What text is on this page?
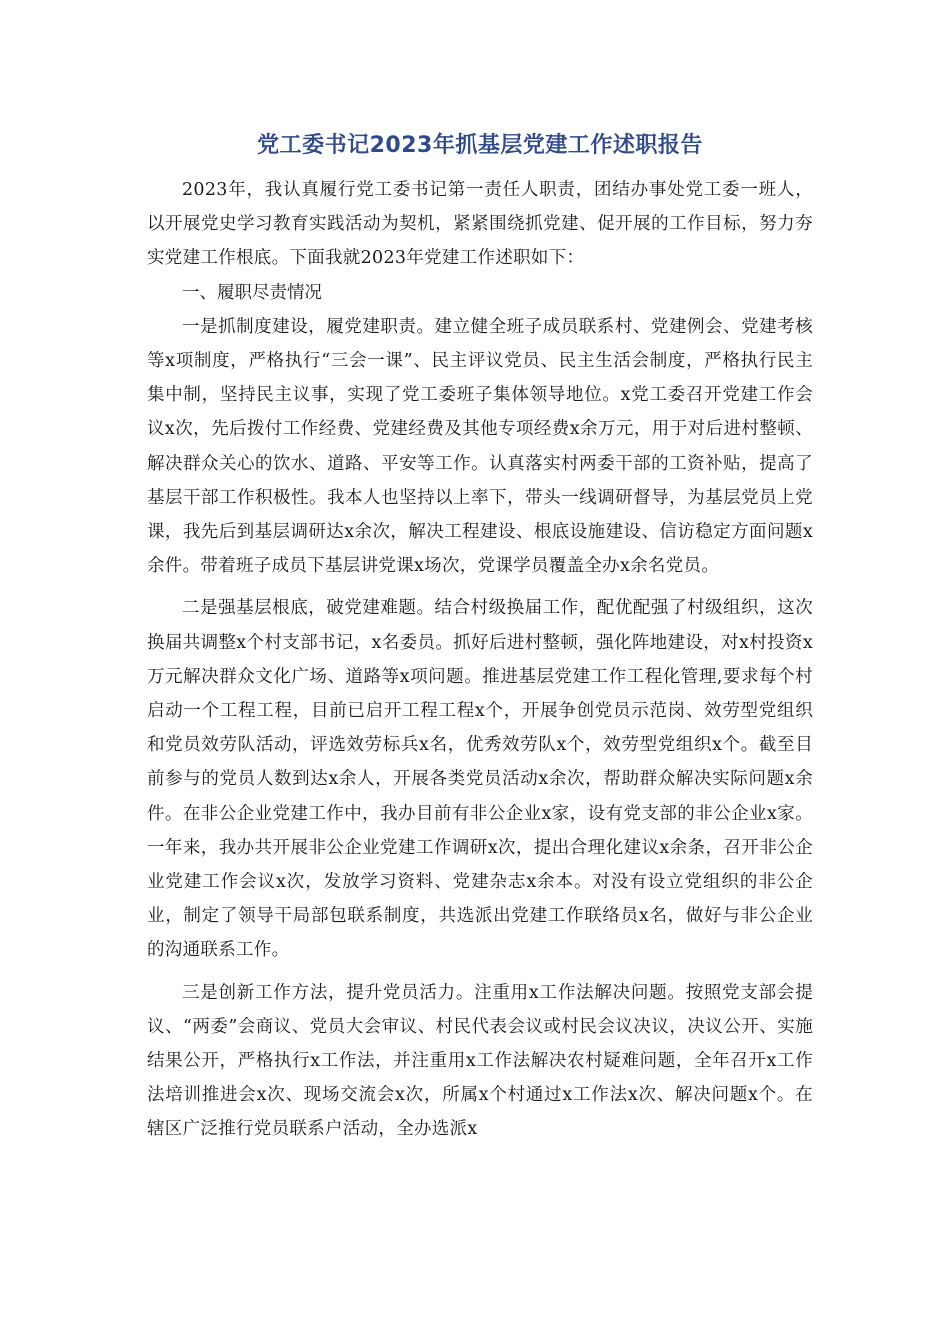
党工委书记2023年抓基层党建工作述职报告

2023年，我认真履行党工委书记第一责任人职责，团结办事处党工委一班人，以开展党史学习教育实践活动为契机，紧紧围绕抓党建、促开展的工作目标，努力夯实党建工作根底。下面我就2023年党建工作述职如下：

一、履职尽责情况

一是抓制度建设，履党建职责。建立健全班子成员联系村、党建例会、党建考核等x项制度，严格执行“三会一课”、民主评议党员、民主生活会制度，严格执行民主集中制，坚持民主议事，实现了党工委班子集体领导地位。x党工委召开党建工作会议x次，先后拨付工作经费、党建经费及其他专项经费x余万元，用于对后进村整顿、解决群众关心的饮水、道路、平安等工作。认真落实村两委干部的工资补贴，提高了基层干部工作积极性。我本人也坚持以上率下，带头一线调研督导，为基层党员上党课，我先后到基层调研达x余次，解决工程建设、根底设施建设、信访稳定方面问题x余件。带着班子成员下基层讲党课x场次，党课学员覆盖全办x余名党员。

二是强基层根底，破党建难题。结合村级换届工作，配优配强了村级组织，这次换届共调整x个村支部书记，x名委员。抓好后进村整顿，强化阵地建设，对x村投资x万元解决群众文化广场、道路等x项问题。推进基层党建工作工程化管理,要求每个村启动一个工程工程，目前已启开工程工程x个，开展争创党员示范岗、效劳型党组织和党员效劳队活动，评选效劳标兵x名，优秀效劳队x个，效劳型党组织x个。截至目前参与的党员人数到达x余人，开展各类党员活动x余次，帮助群众解决实际问题x余件。在非公企业党建工作中，我办目前有非公企业x家，设有党支部的非公企业x家。一年来，我办共开展非公企业党建工作调研x次，提出合理化建议x余条，召开非公企业党建工作会议x次，发放学习资料、党建杂志x余本。对没有设立党组织的非公企业，制定了领导干局部包联系制度，共选派出党建工作联络员x名，做好与非公企业的沟通联系工作。

三是创新工作方法，提升党员活力。注重用x工作法解决问题。按照党支部会提议、“两委”会商议、党员大会审议、村民代表会议或村民会议决议，决议公开、实施结果公开，严格执行x工作法，并注重用x工作法解决农村疑难问题，全年召开x工作法培训推进会x次、现场交流会x次，所属x个村通过x工作法x次、解决问题x个。在辖区广泛推行党员联系户活动，全办选派x
